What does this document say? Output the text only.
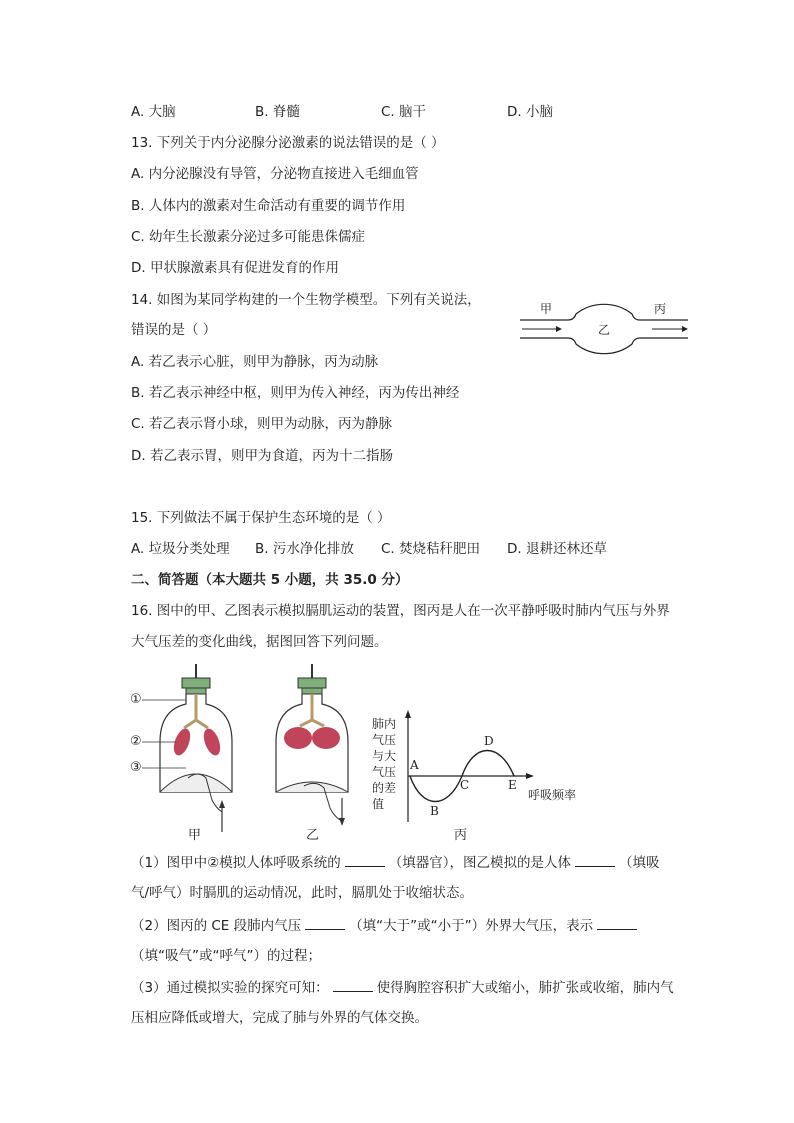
A. 大脑	B. 脊髓	C. 脑干	D. 小脑
13. 下列关于内分泌腺分泌激素的说法错误的是（ ）
A. 内分泌腺没有导管，分泌物直接进入毛细血管
B. 人体内的激素对生命活动有重要的调节作用
C. 幼年生长激素分泌过多可能患侏儒症
D. 甲状腺激素具有促进发育的作用
14. 如图为某同学构建的一个生物学模型。下列有关说法，
错误的是（ ）
A. 若乙表示心脏，则甲为静脉，丙为动脉
B. 若乙表示神经中枢，则甲为传入神经，丙为传出神经
C. 若乙表示肾小球，则甲为动脉，丙为静脉
D. 若乙表示胃，则甲为食道，丙为十二指肠
甲
乙
丙
15. 下列做法不属于保护生态环境的是（ ）
A. 垃圾分类处理 B. 污水净化排放 C. 焚烧秸秆肥田 D. 退耕还林还草
二、简答题（本大题共 5 小题，共 35.0 分）
16. 图中的甲、乙图表示模拟膈肌运动的装置，图丙是人在一次平静呼吸时肺内气压与外界
大气压差的变化曲线，据图回答下列问题。
①
②
③
肺内
气压
与大
气压
的差
值
A
B
C
D
E
呼吸频率
甲	乙	丙
（1）图甲中②模拟人体呼吸系统的	（填器官），图乙模拟的是人体	（填吸
气/呼气）时膈肌的运动情况，此时，膈肌处于收缩状态。
（2）图丙的 CE 段肺内气压	（填“大于”或“小于”）外界大气压，表示
（填“吸气”或“呼气”）的过程；
（3）通过模拟实验的探究可知：	使得胸腔容积扩大或缩小，肺扩张或收缩，肺内气
压相应降低或增大，完成了肺与外界的气体交换。
